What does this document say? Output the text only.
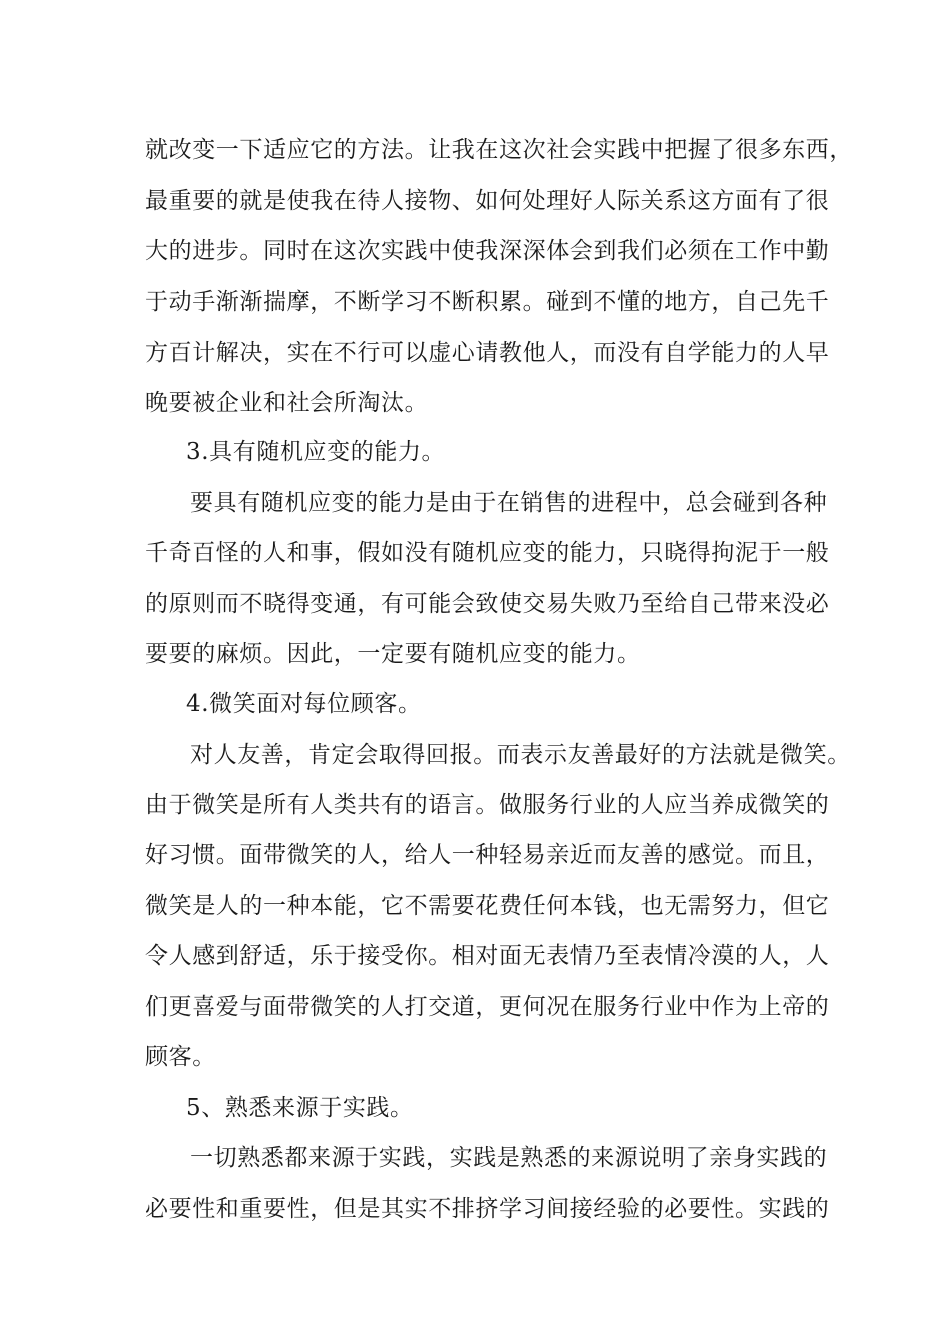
就改变一下适应它的方法。让我在这次社会实践中把握了很多东西，
最重要的就是使我在待人接物、如何处理好人际关系这方面有了很
大的进步。同时在这次实践中使我深深体会到我们必须在工作中勤
于动手渐渐揣摩，不断学习不断积累。碰到不懂的地方，自己先千
方百计解决，实在不行可以虚心请教他人，而没有自学能力的人早
晚要被企业和社会所淘汰。
3.具有随机应变的能力。
要具有随机应变的能力是由于在销售的进程中，总会碰到各种
千奇百怪的人和事，假如没有随机应变的能力，只晓得拘泥于一般
的原则而不晓得变通，有可能会致使交易失败乃至给自己带来没必
要要的麻烦。因此，一定要有随机应变的能力。
4.微笑面对每位顾客。
对人友善，肯定会取得回报。而表示友善最好的方法就是微笑。
由于微笑是所有人类共有的语言。做服务行业的人应当养成微笑的
好习惯。面带微笑的人，给人一种轻易亲近而友善的感觉。而且，
微笑是人的一种本能，它不需要花费任何本钱，也无需努力，但它
令人感到舒适，乐于接受你。相对面无表情乃至表情冷漠的人，人
们更喜爱与面带微笑的人打交道，更何况在服务行业中作为上帝的
顾客。
5、熟悉来源于实践。
一切熟悉都来源于实践，实践是熟悉的来源说明了亲身实践的
必要性和重要性，但是其实不排挤学习间接经验的必要性。实践的
